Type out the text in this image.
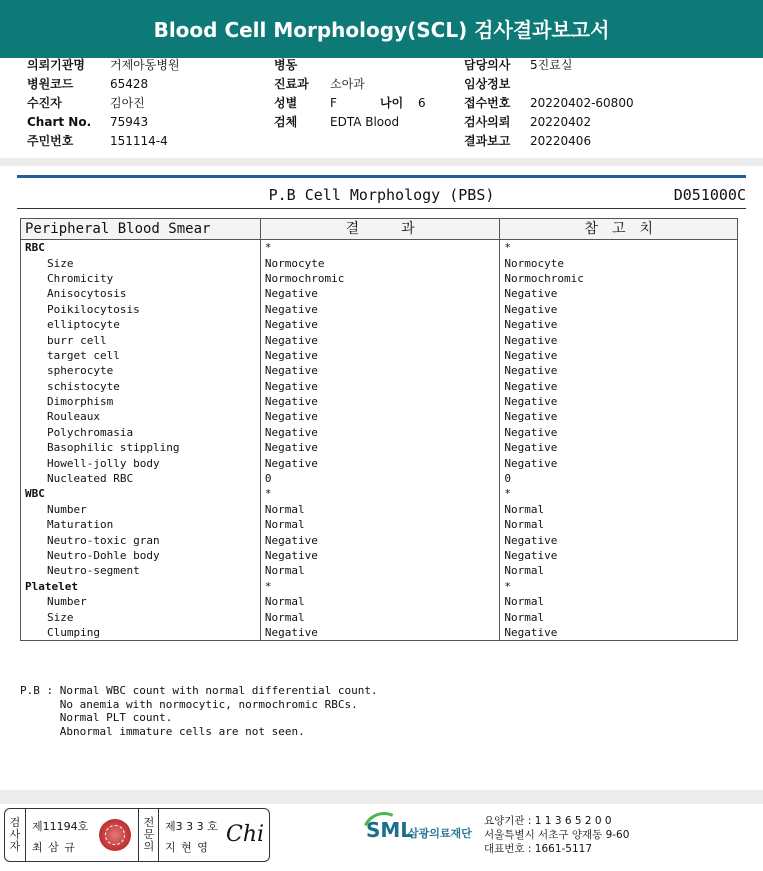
Blood Cell Morphology(SCL) 검사결과보고서
의뢰기관명 거제아동병원
병원코드	65428
수진자	김아진
Chart No. 75943
주민번호	151114-4
병동
진료과 소아과
성별	F	나이 6
검체	EDTA Blood
담당의사 5진료실
임상정보
접수번호 20220402-60800
검사의뢰 20220402
결과보고 20220406
P.B Cell Morphology (PBS)	D051000C
Peripheral Blood Smear	결　　　과	참　고　치
RBC	*	*
Size	Normocyte	Normocyte
Chromicity	Normochromic	Normochromic
Anisocytosis	Negative	Negative
Poikilocytosis	Negative	Negative
elliptocyte	Negative	Negative
burr cell	Negative	Negative
target cell	Negative	Negative
spherocyte	Negative	Negative
schistocyte	Negative	Negative
Dimorphism	Negative	Negative
Rouleaux	Negative	Negative
Polychromasia	Negative	Negative
Basophilic stippling	Negative	Negative
Howell-jolly body	Negative	Negative
Nucleated RBC	0	0
WBC	*	*
Number	Normal	Normal
Maturation	Normal	Normal
Neutro-toxic gran	Negative	Negative
Neutro-Dohle body	Negative	Negative
Neutro-segment	Normal	Normal
Platelet	*	*
Number	Normal	Normal
Size	Normal	Normal
Clumping	Negative	Negative
P.B : Normal WBC count with normal differential count.
No anemia with normocytic, normochromic RBCs.
Normal PLT count.
Abnormal immature cells are not seen.
검사자
제11194호
최 삼 규
전문의
제3 3 3 호
지 현 영
Chi	SML
삼광의료재단
요양기관 : 1 1 3 6 5 2 0 0
서울특별시 서초구 양재동 9-60
대표번호 : 1661-5117
